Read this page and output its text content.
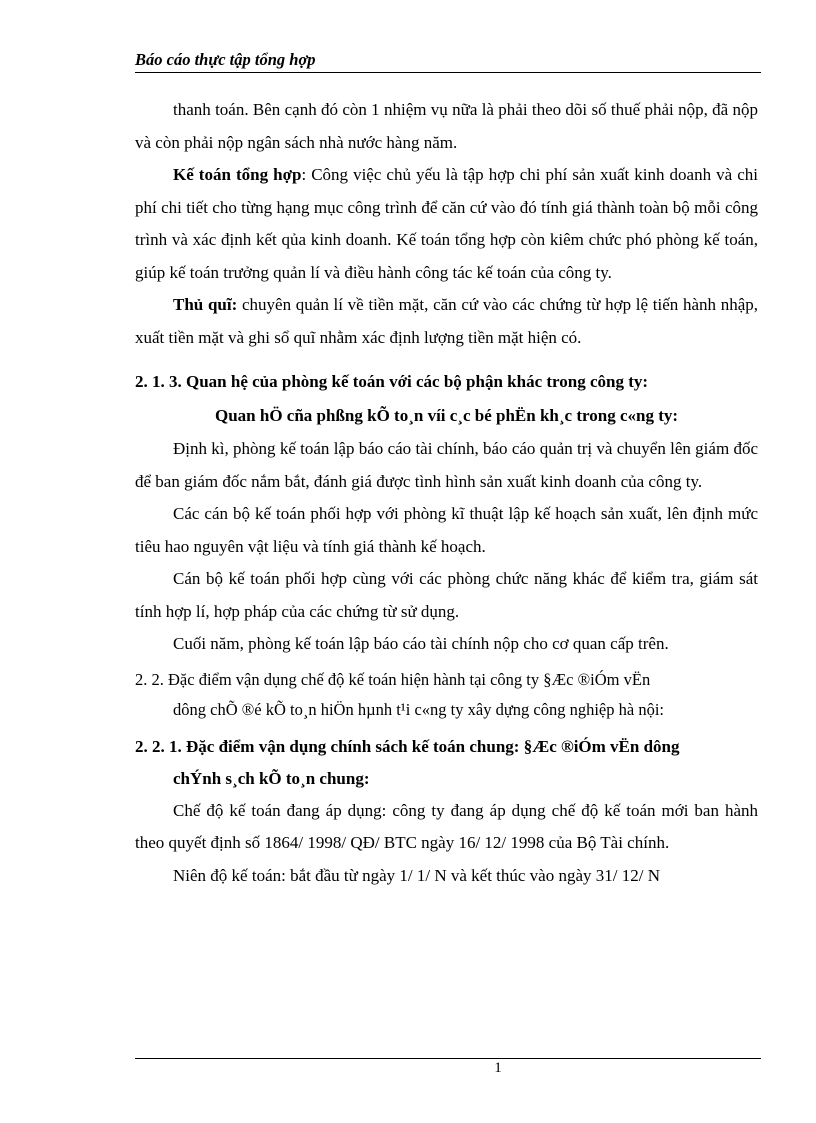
Báo cáo thực tập tổng hợp

thanh toán. Bên cạnh đó còn 1 nhiệm vụ nữa là phải theo dõi số thuế phải nộp, đã nộp và còn phải nộp ngân sách nhà nước hàng năm.

Kế toán tổng hợp: Công việc chủ yếu là tập hợp chi phí sản xuất kinh doanh và chi phí chi tiết cho từng hạng mục công trình để căn cứ vào đó tính giá thành toàn bộ mỗi công trình và xác định kết qủa kinh doanh. Kế toán tổng hợp còn kiêm chức phó phòng kế toán, giúp kế toán trưởng quản lí và điều hành công tác kế toán của công ty.

Thủ quĩ: chuyên quản lí về tiền mặt, căn cứ vào các chứng từ hợp lệ tiến hành nhập, xuất tiền mặt và ghi sổ quĩ nhằm xác định lượng tiền mặt hiện có.

2. 1. 3. Quan hệ của phòng kế toán với các bộ phận khác trong công ty:

Quan hÖ cña phßng kÕ to¸n víi c¸c bé phËn kh¸c trong c«ng ty:

Định kì, phòng kế toán lập báo cáo tài chính, báo cáo quản trị và chuyển lên giám đốc để ban giám đốc nắm bắt, đánh giá được tình hình sản xuất kinh doanh của công ty.

Các cán bộ kế toán phối hợp với phòng kĩ thuật lập kế hoạch sản xuất, lên định mức tiêu hao nguyên vật liệu và tính giá thành kế hoạch.

Cán bộ kế toán phối hợp cùng với các phòng chức năng khác để kiểm tra, giám sát tính hợp lí, hợp pháp của các chứng từ sử dụng.

Cuối năm, phòng kế toán lập báo cáo tài chính nộp cho cơ quan cấp trên.

2. 2. Đặc điểm vận dụng chế độ kế toán hiện hành tại công ty §Æc ®iÓm vËn

dông chÕ ®é kÕ to¸n hiÖn hµnh t¹i c«ng ty xây dựng công nghiệp hà nội:

2. 2. 1. Đặc điểm vận dụng chính sách kế toán chung: §Æc ®iÓm vËn dông

chÝnh s¸ch kÕ to¸n chung:

Chế độ kế toán đang áp dụng: công ty đang áp dụng chế độ kế toán mới ban hành theo quyết định số 1864/ 1998/ QĐ/ BTC ngày 16/ 12/ 1998 của Bộ Tài chính.

Niên độ kế toán: bắt đầu từ ngày 1/ 1/ N và kết thúc vào ngày 31/ 12/ N

1
